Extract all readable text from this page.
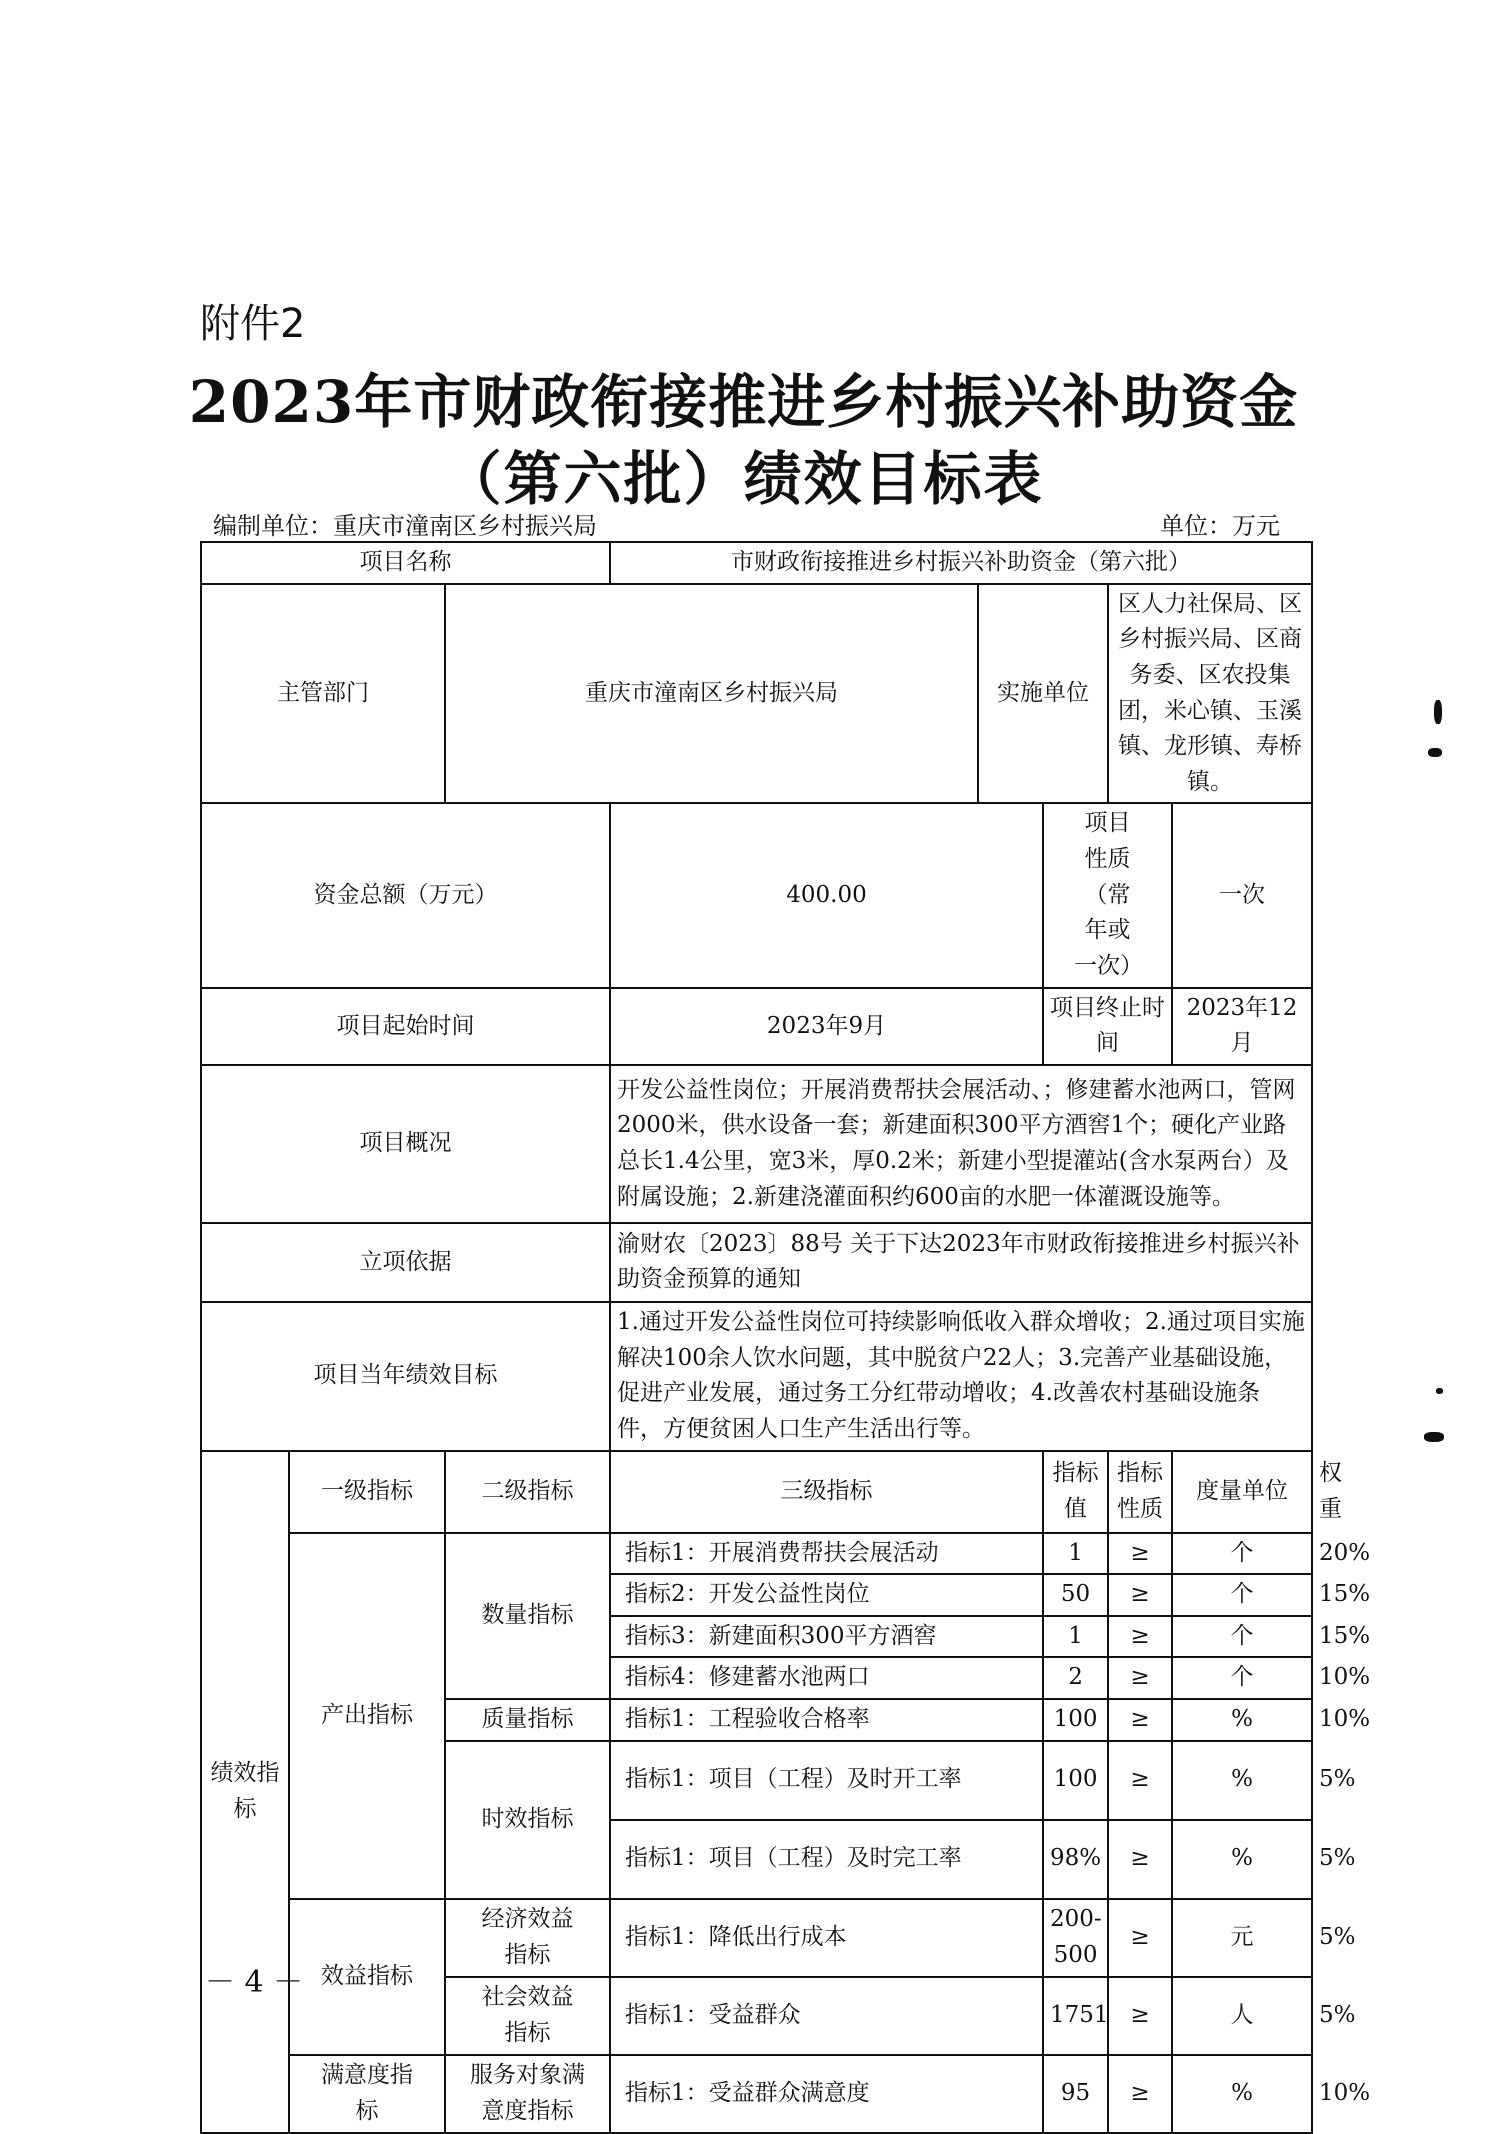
附件2
2023年市财政衔接推进乡村振兴补助资金
（第六批）绩效目标表
编制单位：重庆市潼南区乡村振兴局	单位：万元
项目名称			市财政衔接推进乡村振兴补助资金（第六批）					
主管部门		重庆市潼南区乡村振兴局		实施单位		区人力社保局、区乡村振兴局、区商务委、区农投集团，米心镇、玉溪镇、龙形镇、寿桥镇。		
资金总额（万元）			400.00		项目性质（常年或一次）		一次	
项目起始时间			2023年9月		项目终止时间		2023年12月	
项目概况			开发公益性岗位；开展消费帮扶会展活动、；修建蓄水池两口，管网2000米，供水设备一套；新建面积300平方酒窖1个；硬化产业路总长1.4公里，宽3米，厚0.2米；新建小型提灌站(含水泵两台）及附属设施；2.新建浇灌面积约600亩的水肥一体灌溉设施等。					
立项依据			渝财农〔2023〕88号 关于下达2023年市财政衔接推进乡村振兴补助资金预算的通知					
项目当年绩效目标			1.通过开发公益性岗位可持续影响低收入群众增收；2.通过项目实施解决100余人饮水问题，其中脱贫户22人；3.完善产业基础设施，促进产业发展，通过务工分红带动增收；4.改善农村基础设施条件，方便贫困人口生产生活出行等。					
绩效指标	一级指标	二级指标	三级指标		指标值	指标性质	度量单位	权重
	产出指标	数量指标	指标1：开展消费帮扶会展活动		1	≥	个	20%
			指标2：开发公益性岗位		50	≥	个	15%
			指标3：新建面积300平方酒窖		1	≥	个	15%
			指标4：修建蓄水池两口		2	≥	个	10%
		质量指标	指标1：工程验收合格率		100	≥	%	10%
		时效指标	指标1：项目（工程）及时开工率		100	≥	%	5%
			指标1：项目（工程）及时完工率		98%	≥	%	5%
	效益指标	经济效益指标	指标1：降低出行成本		200-500	≥	元	5%
		社会效益指标	指标1：受益群众		1751	≥	人	5%
	满意度指标	服务对象满意度指标	指标1：受益群众满意度		95	≥	%	10%
－ 4 －
